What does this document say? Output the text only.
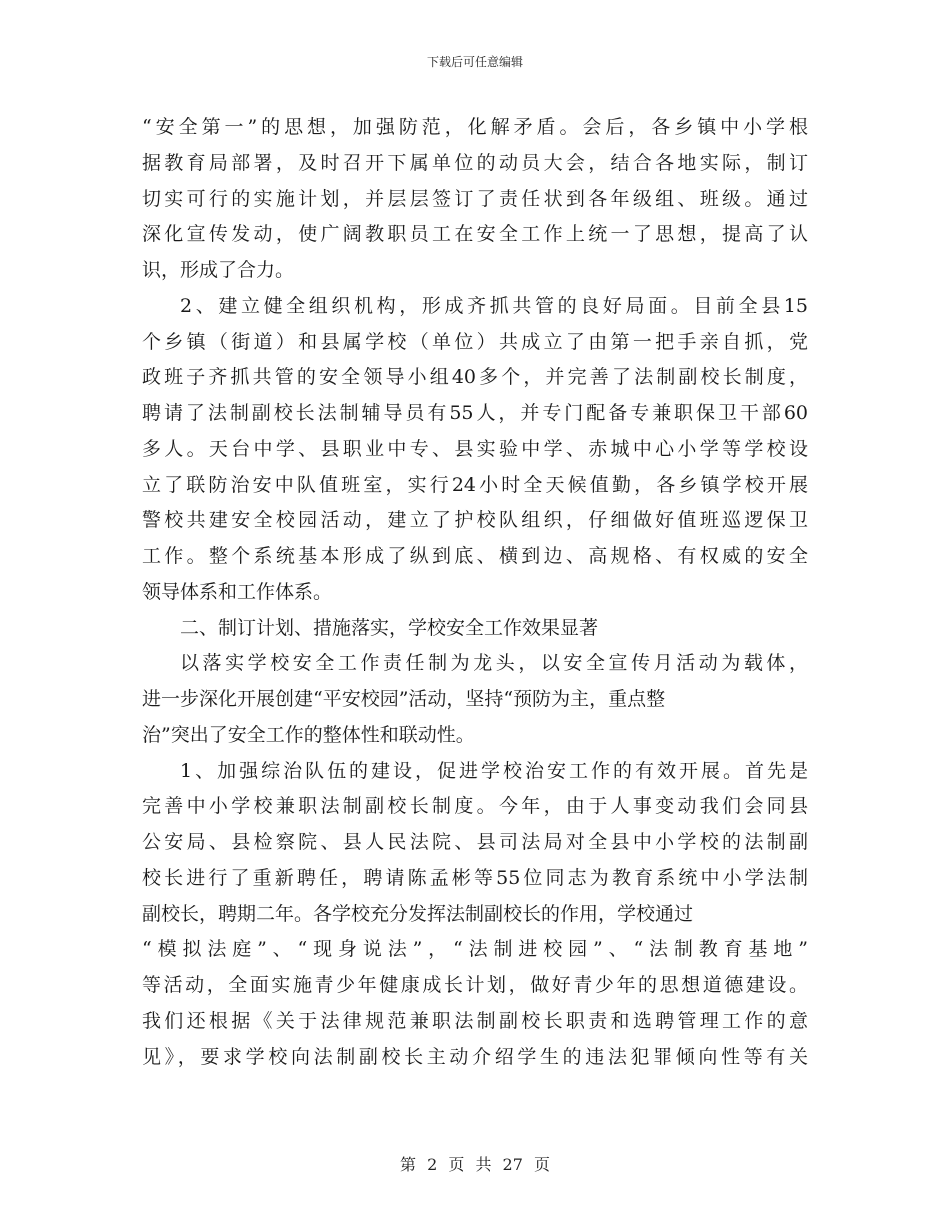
下载后可任意编辑
“安全第一”的思想，加强防范，化解矛盾。会后，各乡镇中小学根
据教育局部署，及时召开下属单位的动员大会，结合各地实际，制订
切实可行的实施计划，并层层签订了责任状到各年级组、班级。通过
深化宣传发动，使广阔教职员工在安全工作上统一了思想，提高了认
识，形成了合力。
2、建立健全组织机构，形成齐抓共管的良好局面。目前全县15
个乡镇（街道）和县属学校（单位）共成立了由第一把手亲自抓，党
政班子齐抓共管的安全领导小组40多个，并完善了法制副校长制度，
聘请了法制副校长法制辅导员有55人，并专门配备专兼职保卫干部60
多人。天台中学、县职业中专、县实验中学、赤城中心小学等学校设
立了联防治安中队值班室，实行24小时全天候值勤，各乡镇学校开展
警校共建安全校园活动，建立了护校队组织，仔细做好值班巡逻保卫
工作。整个系统基本形成了纵到底、横到边、高规格、有权威的安全
领导体系和工作体系。
二、制订计划、措施落实，学校安全工作效果显著
以落实学校安全工作责任制为龙头，以安全宣传月活动为载体，
进一步深化开展创建“平安校园”活动，坚持“预防为主，重点整
治”突出了安全工作的整体性和联动性。
1、加强综治队伍的建设，促进学校治安工作的有效开展。首先是
完善中小学校兼职法制副校长制度。今年，由于人事变动我们会同县
公安局、县检察院、县人民法院、县司法局对全县中小学校的法制副
校长进行了重新聘任，聘请陈孟彬等55位同志为教育系统中小学法制
副校长，聘期二年。各学校充分发挥法制副校长的作用，学校通过
“模拟法庭”、“现身说法”，“法制进校园”、“法制教育基地”
等活动，全面实施青少年健康成长计划，做好青少年的思想道德建设。
我们还根据《关于法律规范兼职法制副校长职责和选聘管理工作的意
见》，要求学校向法制副校长主动介绍学生的违法犯罪倾向性等有关
第 2 页 共 27 页
